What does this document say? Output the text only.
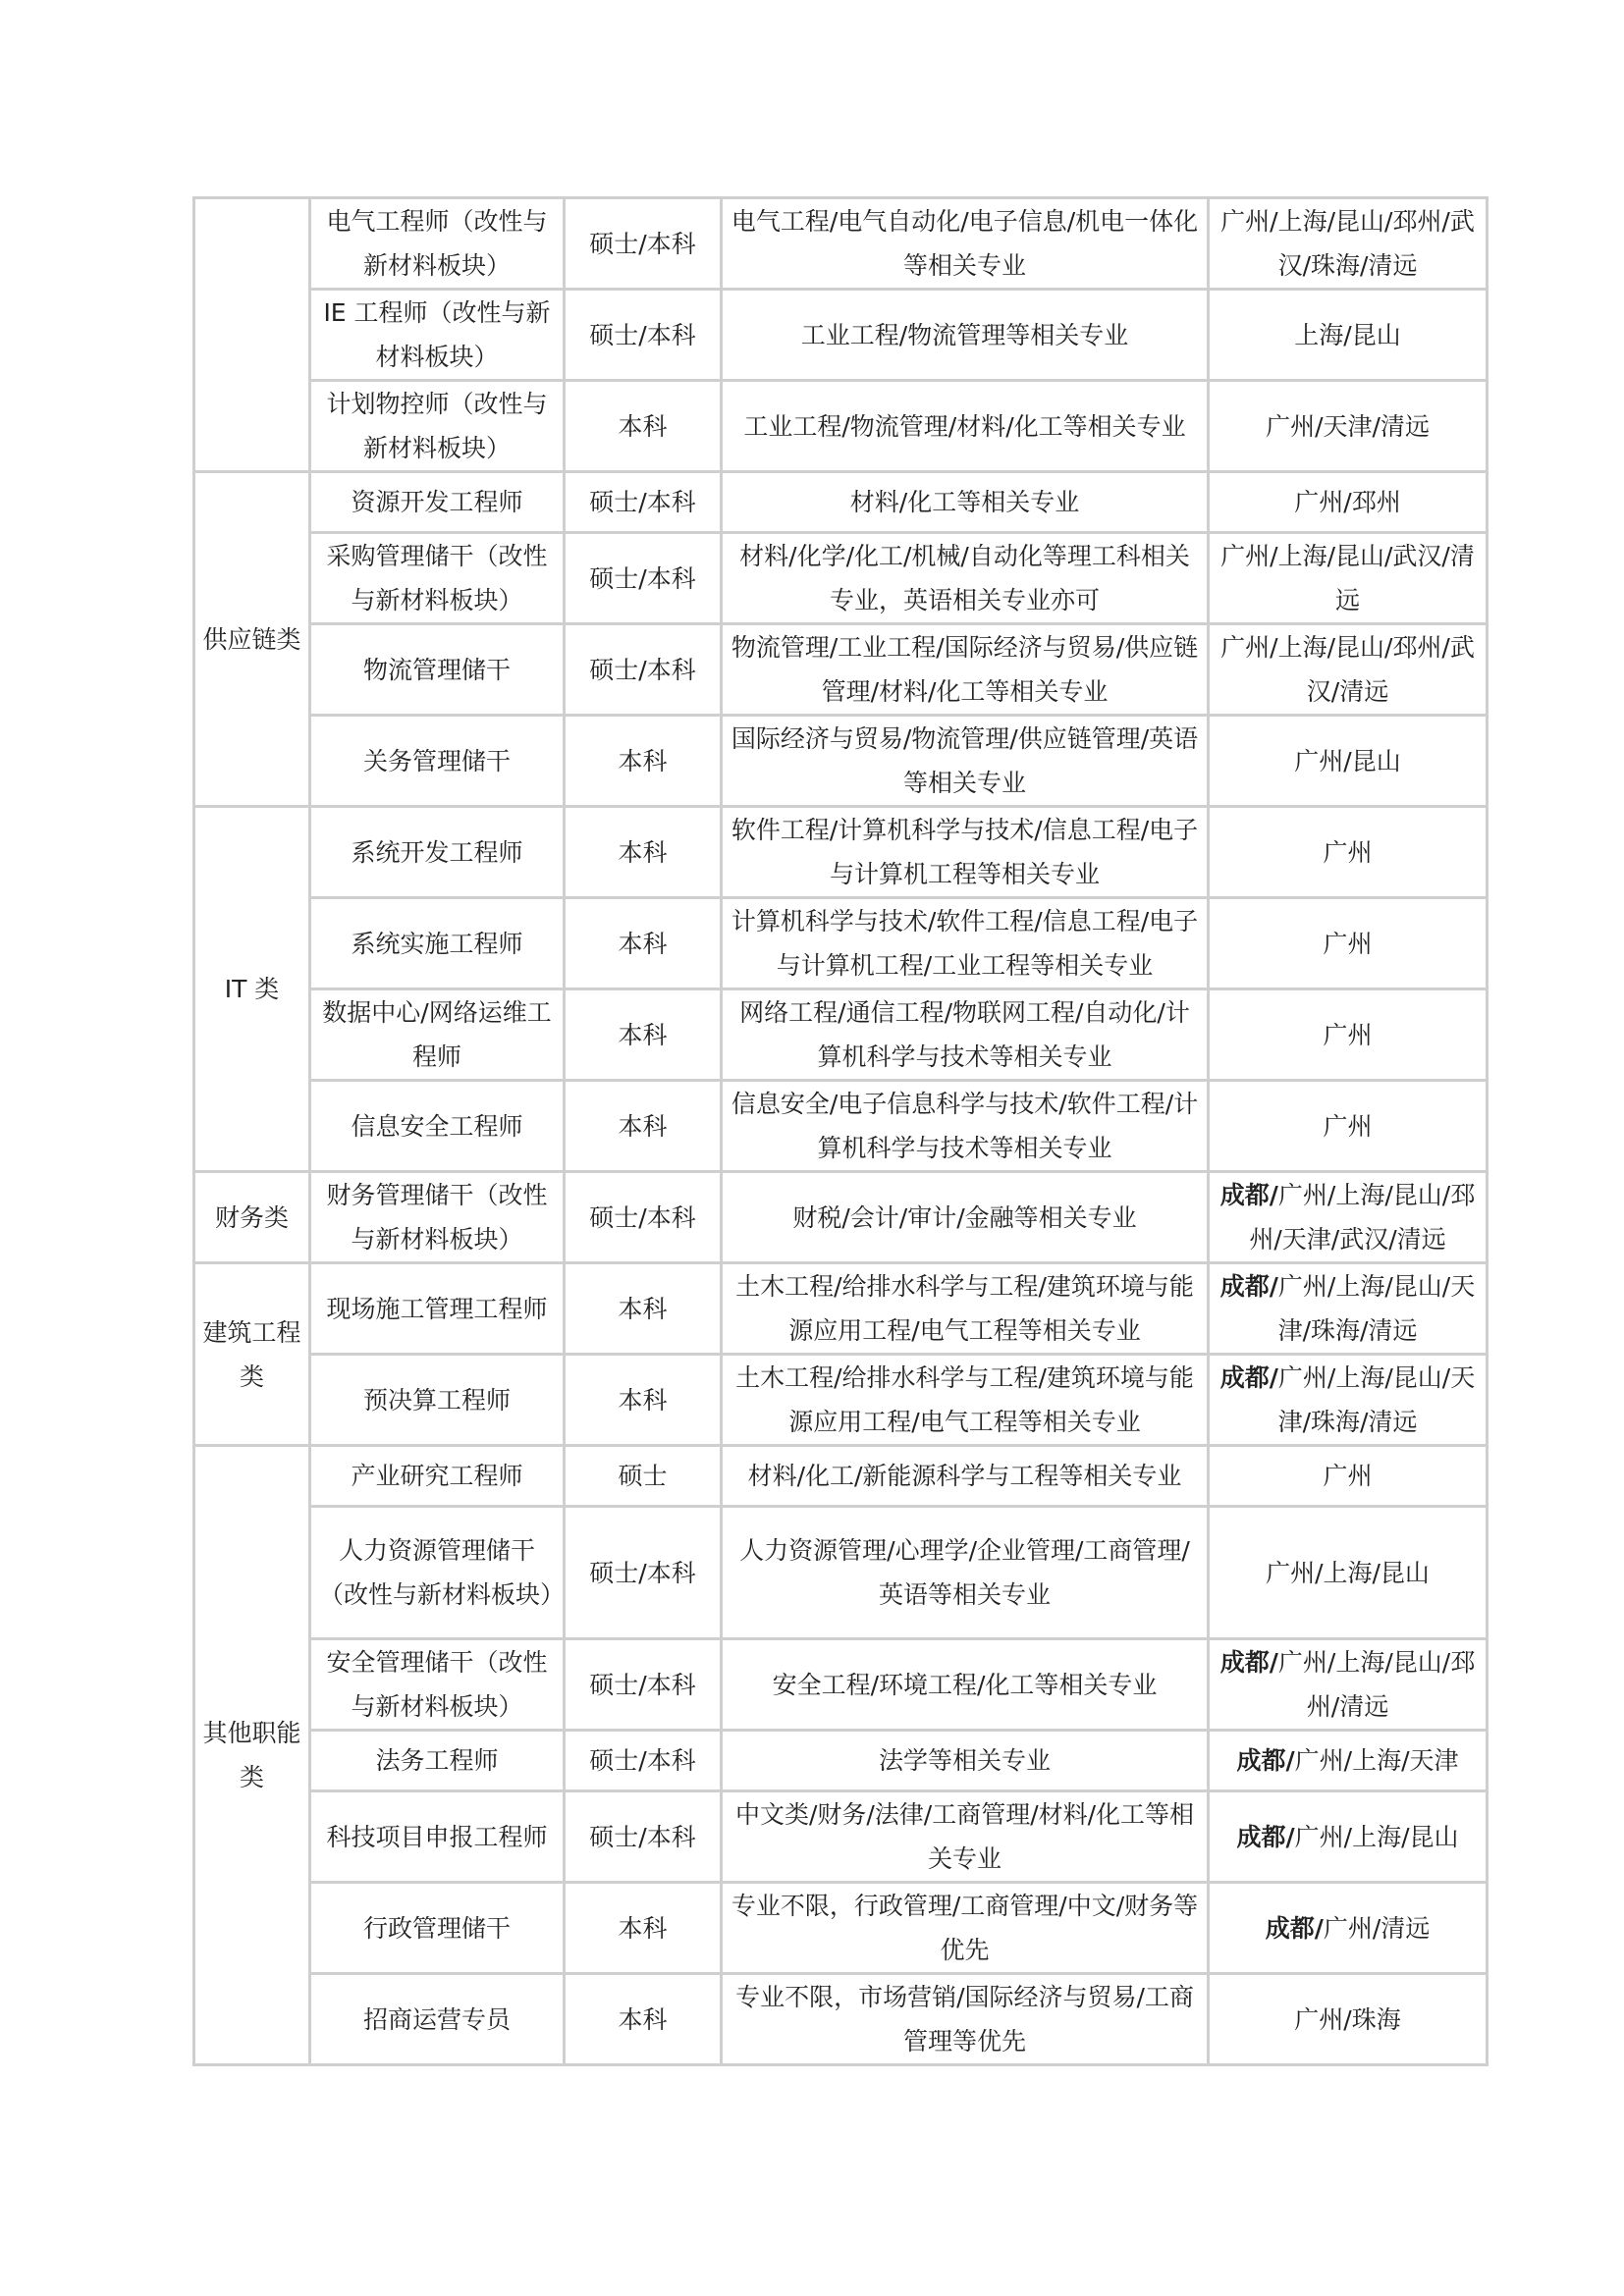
	电气工程师（改性与新材料板块）	硕士/本科	电气工程/电气自动化/电子信息/机电一体化等相关专业	广州/上海/昆山/邳州/武汉/珠海/清远
	IE 工程师（改性与新材料板块）	硕士/本科	工业工程/物流管理等相关专业	上海/昆山
	计划物控师（改性与新材料板块）	本科	工业工程/物流管理/材料/化工等相关专业	广州/天津/清远
供应链类	资源开发工程师	硕士/本科	材料/化工等相关专业	广州/邳州
	采购管理储干（改性与新材料板块）	硕士/本科	材料/化学/化工/机械/自动化等理工科相关专业，英语相关专业亦可	广州/上海/昆山/武汉/清远
	物流管理储干	硕士/本科	物流管理/工业工程/国际经济与贸易/供应链管理/材料/化工等相关专业	广州/上海/昆山/邳州/武汉/清远
	关务管理储干	本科	国际经济与贸易/物流管理/供应链管理/英语等相关专业	广州/昆山
IT 类	系统开发工程师	本科	软件工程/计算机科学与技术/信息工程/电子与计算机工程等相关专业	广州
	系统实施工程师	本科	计算机科学与技术/软件工程/信息工程/电子与计算机工程/工业工程等相关专业	广州
	数据中心/网络运维工程师	本科	网络工程/通信工程/物联网工程/自动化/计算机科学与技术等相关专业	广州
	信息安全工程师	本科	信息安全/电子信息科学与技术/软件工程/计算机科学与技术等相关专业	广州
财务类	财务管理储干（改性与新材料板块）	硕士/本科	财税/会计/审计/金融等相关专业	成都/广州/上海/昆山/邳州/天津/武汉/清远
建筑工程类	现场施工管理工程师	本科	土木工程/给排水科学与工程/建筑环境与能源应用工程/电气工程等相关专业	成都/广州/上海/昆山/天津/珠海/清远
	预决算工程师	本科	土木工程/给排水科学与工程/建筑环境与能源应用工程/电气工程等相关专业	成都/广州/上海/昆山/天津/珠海/清远
其他职能类	产业研究工程师	硕士	材料/化工/新能源科学与工程等相关专业	广州
	人力资源管理储干（改性与新材料板块）	硕士/本科	人力资源管理/心理学/企业管理/工商管理/英语等相关专业	广州/上海/昆山
	安全管理储干（改性与新材料板块）	硕士/本科	安全工程/环境工程/化工等相关专业	成都/广州/上海/昆山/邳州/清远
	法务工程师	硕士/本科	法学等相关专业	成都/广州/上海/天津
	科技项目申报工程师	硕士/本科	中文类/财务/法律/工商管理/材料/化工等相关专业	成都/广州/上海/昆山
	行政管理储干	本科	专业不限，行政管理/工商管理/中文/财务等优先	成都/广州/清远
	招商运营专员	本科	专业不限，市场营销/国际经济与贸易/工商管理等优先	广州/珠海
